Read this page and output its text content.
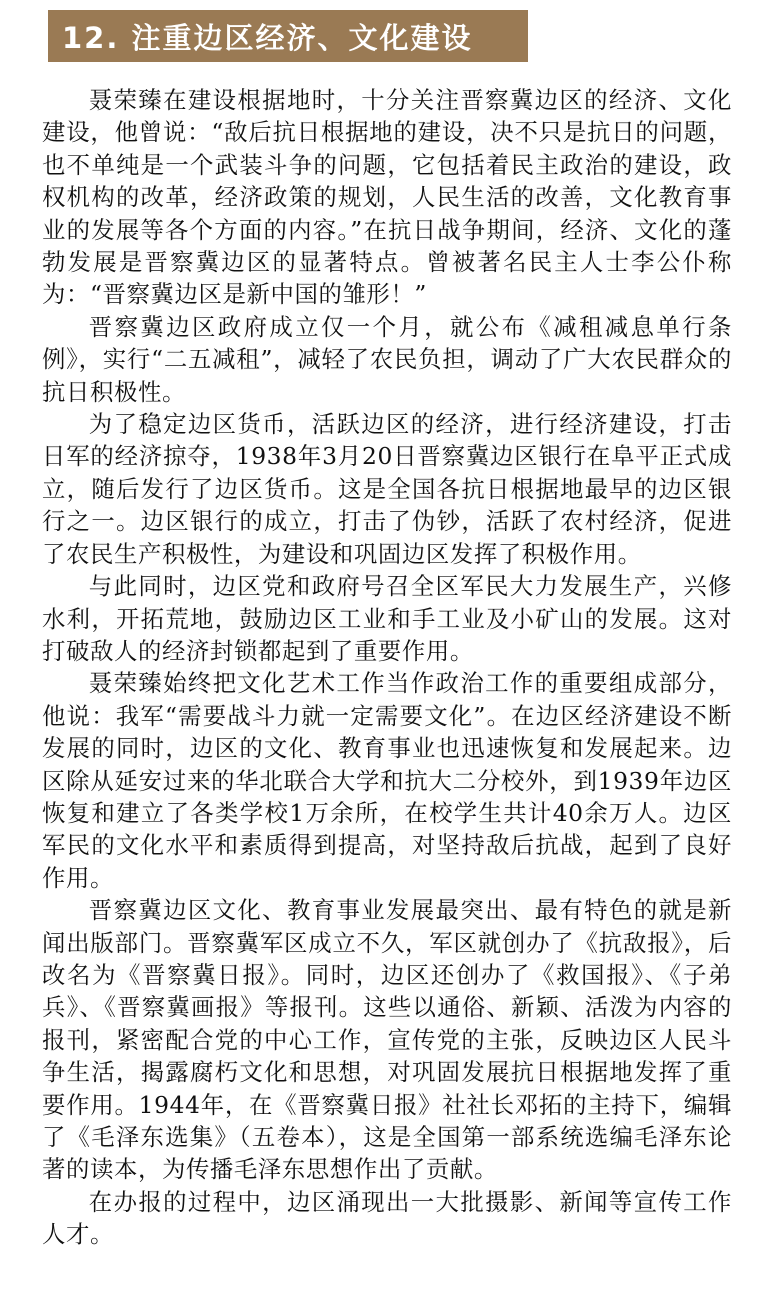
12. 注重边区经济、文化建设

聂荣臻在建设根据地时，十分关注晋察冀边区的经济、文化建设，他曾说：“敌后抗日根据地的建设，决不只是抗日的问题，也不单纯是一个武装斗争的问题，它包括着民主政治的建设，政权机构的改革，经济政策的规划，人民生活的改善，文化教育事业的发展等各个方面的内容。”在抗日战争期间，经济、文化的蓬勃发展是晋察冀边区的显著特点。曾被著名民主人士李公仆称为：“晋察冀边区是新中国的雏形！”

晋察冀边区政府成立仅一个月，就公布《减租减息单行条例》，实行“二五减租”，减轻了农民负担，调动了广大农民群众的抗日积极性。

为了稳定边区货币，活跃边区的经济，进行经济建设，打击日军的经济掠夺，1938年3月20日晋察冀边区银行在阜平正式成立，随后发行了边区货币。这是全国各抗日根据地最早的边区银行之一。边区银行的成立，打击了伪钞，活跃了农村经济，促进了农民生产积极性，为建设和巩固边区发挥了积极作用。

与此同时，边区党和政府号召全区军民大力发展生产，兴修水利，开拓荒地，鼓励边区工业和手工业及小矿山的发展。这对打破敌人的经济封锁都起到了重要作用。

聂荣臻始终把文化艺术工作当作政治工作的重要组成部分，他说：我军“需要战斗力就一定需要文化”。在边区经济建设不断发展的同时，边区的文化、教育事业也迅速恢复和发展起来。边区除从延安过来的华北联合大学和抗大二分校外，到1939年边区恢复和建立了各类学校1万余所，在校学生共计40余万人。边区军民的文化水平和素质得到提高，对坚持敌后抗战，起到了良好作用。

晋察冀边区文化、教育事业发展最突出、最有特色的就是新闻出版部门。晋察冀军区成立不久，军区就创办了《抗敌报》，后改名为《晋察冀日报》。同时，边区还创办了《救国报》、《子弟兵》、《晋察冀画报》等报刊。这些以通俗、新颖、活泼为内容的报刊，紧密配合党的中心工作，宣传党的主张，反映边区人民斗争生活，揭露腐朽文化和思想，对巩固发展抗日根据地发挥了重要作用。1944年，在《晋察冀日报》社社长邓拓的主持下，编辑了《毛泽东选集》（五卷本），这是全国第一部系统选编毛泽东论著的读本，为传播毛泽东思想作出了贡献。

在办报的过程中，边区涌现出一大批摄影、新闻等宣传工作人才。
